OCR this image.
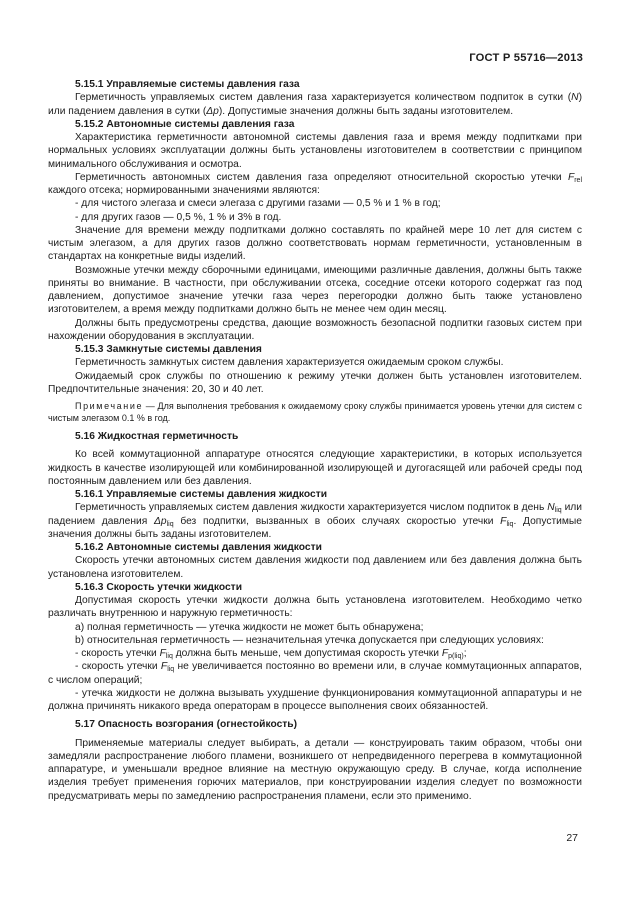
ГОСТ Р 55716—2013

5.15.1 Управляемые системы давления газа

Герметичность управляемых систем давления газа характеризуется количеством подпиток в сутки (N) или падением давления в сутки (Δp). Допустимые значения должны быть заданы изготовителем.

5.15.2 Автономные системы давления газа

Характеристика герметичности автономной системы давления газа и время между подпитками при нормальных условиях эксплуатации должны быть установлены изготовителем в соответствии с принципом минимального обслуживания и осмотра.

Герметичность автономных систем давления газа определяют относительной скоростью утечки $F_{rel}$ каждого отсека; нормированными значениями являются:

- для чистого элегаза и смеси элегаза с другими газами — 0,5 % и 1 % в год;

- для других газов — 0,5 %, 1 % и 3% в год.

Значение для времени между подпитками должно составлять по крайней мере 10 лет для систем с чистым элегазом, а для других газов должно соответствовать нормам герметичности, установленным в стандартах на конкретные виды изделий.

Возможные утечки между сборочными единицами, имеющими различные давления, должны быть также приняты во внимание. В частности, при обслуживании отсека, соседние отсеки которого содержат газ под давлением, допустимое значение утечки газа через перегородки должно быть также установлено изготовителем, а время между подпитками должно быть не менее чем один месяц.

Должны быть предусмотрены средства, дающие возможность безопасной подпитки газовых систем при нахождении оборудования в эксплуатации.

5.15.3 Замкнутые системы давления

Герметичность замкнутых систем давления характеризуется ожидаемым сроком службы.

Ожидаемый срок службы по отношению к режиму утечки должен быть установлен изготовителем. Предпочтительные значения: 20, 30 и 40 лет.

Примечание — Для выполнения требования к ожидаемому сроку службы принимается уровень утечки для систем с чистым элегазом 0.1 % в год.

5.16 Жидкостная герметичность

Ко всей коммутационной аппаратуре относятся следующие характеристики, в которых используется жидкость в качестве изолирующей или комбинированной изолирующей и дугогасящей или рабочей среды под постоянным давлением или без давления.

5.16.1 Управляемые системы давления жидкости

Герметичность управляемых систем давления жидкости характеризуется числом подпиток в день $N_{liq}$ или падением давления $\Delta p_{liq}$ без подпитки, вызванных в обоих случаях скоростью утечки $F_{liq}$. Допустимые значения должны быть заданы изготовителем.

5.16.2 Автономные системы давления жидкости

Скорость утечки автономных систем давления жидкости под давлением или без давления должна быть установлена изготовителем.

5.16.3 Скорость утечки жидкости

Допустимая скорость утечки жидкости должна быть установлена изготовителем. Необходимо четко различать внутреннюю и наружную герметичность:

а) полная герметичность — утечка жидкости не может быть обнаружена;

b) относительная герметичность — незначительная утечка допускается при следующих условиях:

- скорость утечки $F_{liq}$ должна быть меньше, чем допустимая скорость утечки $F_{p(liq)}$;

- скорость утечки $F_{liq}$ не увеличивается постоянно во времени или, в случае коммутационных аппаратов, с числом операций;

- утечка жидкости не должна вызывать ухудшение функционирования коммутационной аппаратуры и не должна причинять никакого вреда операторам в процессе выполнения своих обязанностей.

5.17 Опасность возгорания (огнестойкость)

Применяемые материалы следует выбирать, а детали — конструировать таким образом, чтобы они замедляли распространение любого пламени, возникшего от непредвиденного перегрева в коммутационной аппаратуре, и уменьшали вредное влияние на местную окружающую среду. В случае, когда исполнение изделия требует применения горючих материалов, при конструировании изделия следует по возможности предусматривать меры по замедлению распространения пламени, если это применимо.

27
